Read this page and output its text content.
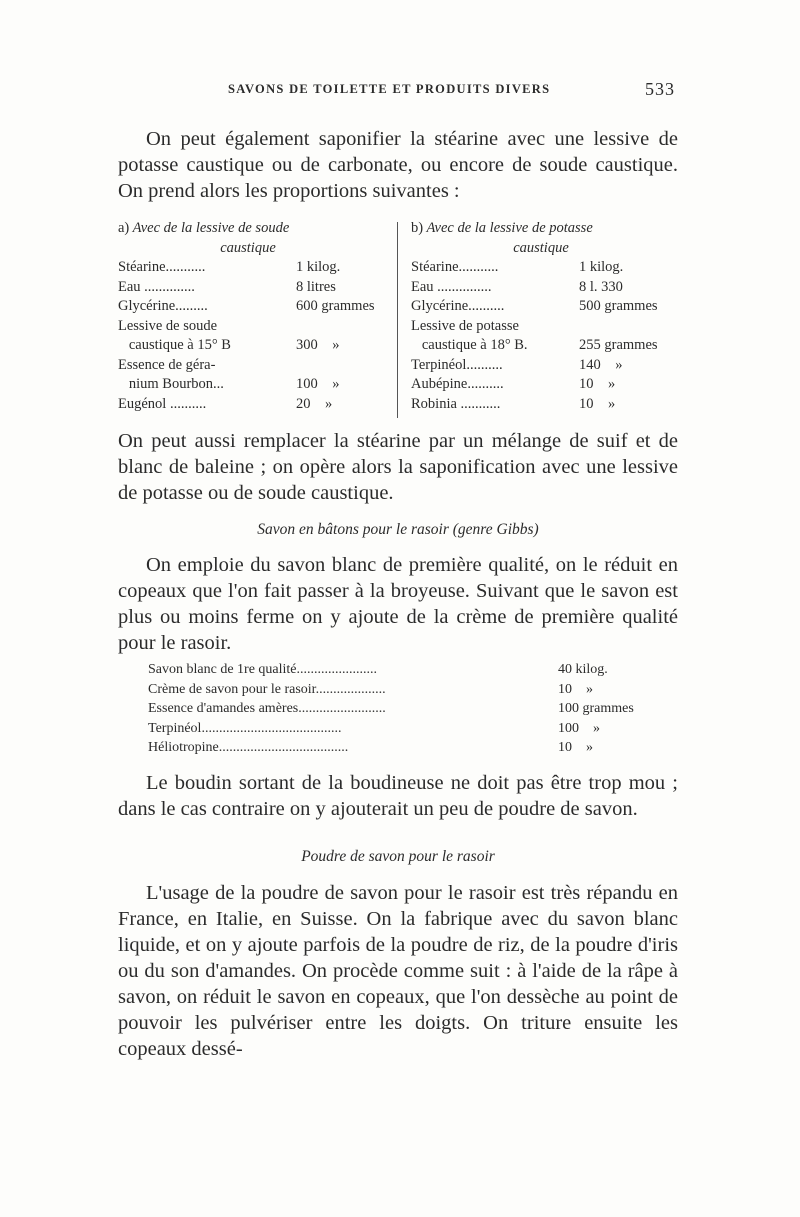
SAVONS DE TOILETTE ET PRODUITS DIVERS	533

On peut également saponifier la stéarine avec une lessive de potasse caustique ou de carbonate, ou encore de soude caustique. On prend alors les proportions suivantes :

a) Avec de la lessive de soude
caustique
Stéarine...........	1 kilog.
Eau ..............	8 litres
Glycérine.........	600 grammes
Lessive de soude
caustique à 15° B	300    »
Essence de géra-
nium Bourbon...	100    »
Eugénol ..........	20    »
b) Avec de la lessive de potasse
caustique
Stéarine...........	1 kilog.
Eau ...............	8 l. 330
Glycérine..........	500 grammes
Lessive de potasse
caustique à 18° B.	255 grammes
Terpinéol..........	140    »
Aubépine..........	10    »
Robinia ...........	10    »

On peut aussi remplacer la stéarine par un mélange de suif et de blanc de baleine ; on opère alors la saponification avec une lessive de potasse ou de soude caustique.

Savon en bâtons pour le rasoir (genre Gibbs)

On emploie du savon blanc de première qualité, on le réduit en copeaux que l'on fait passer à la broyeuse. Suivant que le savon est plus ou moins ferme on y ajoute de la crème de première qualité pour le rasoir.

Savon blanc de 1re qualité.......................	40 kilog.
Crème de savon pour le rasoir....................	10    »
Essence d'amandes amères.........................	100 grammes
Terpinéol........................................	100    »
Héliotropine.....................................	10    »

Le boudin sortant de la boudineuse ne doit pas être trop mou ; dans le cas contraire on y ajouterait un peu de poudre de savon.

Poudre de savon pour le rasoir

L'usage de la poudre de savon pour le rasoir est très répandu en France, en Italie, en Suisse. On la fabrique avec du savon blanc liquide, et on y ajoute parfois de la poudre de riz, de la poudre d'iris ou du son d'amandes. On procède comme suit : à l'aide de la râpe à savon, on réduit le savon en copeaux, que l'on dessèche au point de pouvoir les pulvériser entre les doigts. On triture ensuite les copeaux dessé-
